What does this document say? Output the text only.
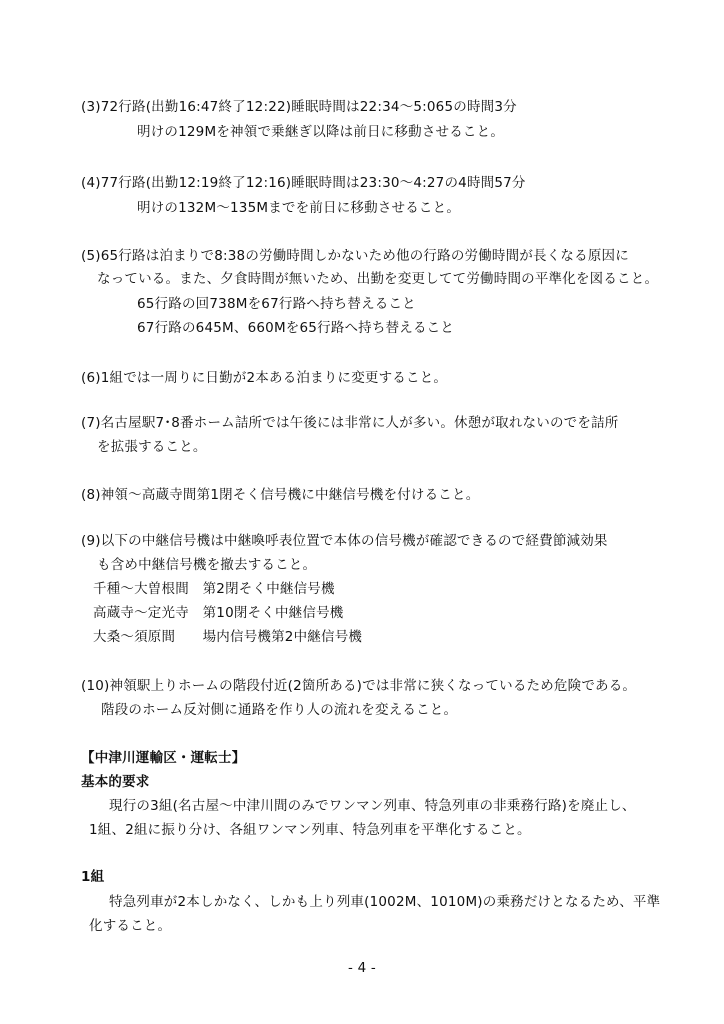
(3)72行路(出勤16:47終了12:22)睡眠時間は22:34～5:065の時間3分
明けの129Mを神領で乗継ぎ以降は前日に移動させること。
(4)77行路(出勤12:19終了12:16)睡眠時間は23:30～4:27の4時間57分
明けの132M～135Mまでを前日に移動させること。
(5)65行路は泊まりで8:38の労働時間しかないため他の行路の労働時間が長くなる原因に
なっている。また、夕食時間が無いため、出勤を変更してて労働時間の平準化を図ること。
65行路の回738Mを67行路へ持ち替えること
67行路の645M、660Mを65行路へ持ち替えること
(6)1組では一周りに日勤が2本ある泊まりに変更すること。
(7)名古屋駅7･8番ホーム詰所では午後には非常に人が多い。休憩が取れないのでを詰所
を拡張すること。
(8)神領～高蔵寺間第1閉そく信号機に中継信号機を付けること。
(9)以下の中継信号機は中継喚呼表位置で本体の信号機が確認できるので経費節減効果
も含め中継信号機を撤去すること。
千種～大曽根間　第2閉そく中継信号機
高蔵寺～定光寺　第10閉そく中継信号機
大桑～須原間　　場内信号機第2中継信号機
(10)神領駅上りホームの階段付近(2箇所ある)では非常に狭くなっているため危険である。
階段のホーム反対側に通路を作り人の流れを変えること。
【中津川運輸区・運転士】
基本的要求
現行の3組(名古屋～中津川間のみでワンマン列車、特急列車の非乗務行路)を廃止し、
1組、2組に振り分け、各組ワンマン列車、特急列車を平準化すること。
1組
特急列車が2本しかなく、しかも上り列車(1002M、1010M)の乗務だけとなるため、平準
化すること。
- 4 -
